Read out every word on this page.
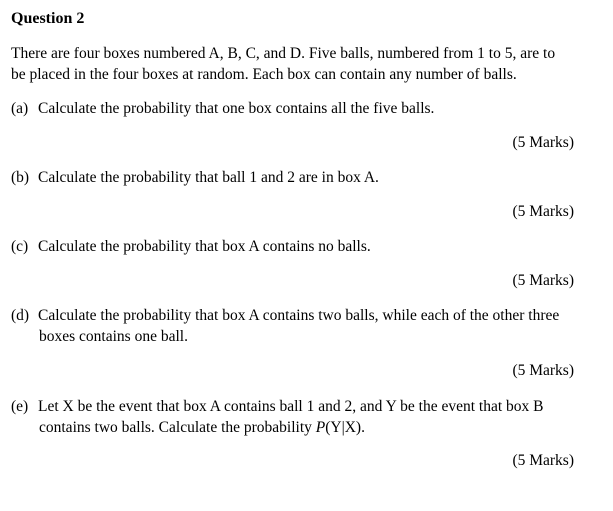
Question 2

There are four boxes numbered A, B, C, and D. Five balls, numbered from 1 to 5, are to
be placed in the four boxes at random. Each box can contain any number of balls.

(a) Calculate the probability that one box contains all the five balls.
(5 Marks)
(b) Calculate the probability that ball 1 and 2 are in box A.
(5 Marks)
(c) Calculate the probability that box A contains no balls.
(5 Marks)
(d) Calculate the probability that box A contains two balls, while each of the other three
boxes contains one ball.
(5 Marks)
(e) Let X be the event that box A contains ball 1 and 2, and Y be the event that box B
contains two balls. Calculate the probability P(Y|X).
(5 Marks)
